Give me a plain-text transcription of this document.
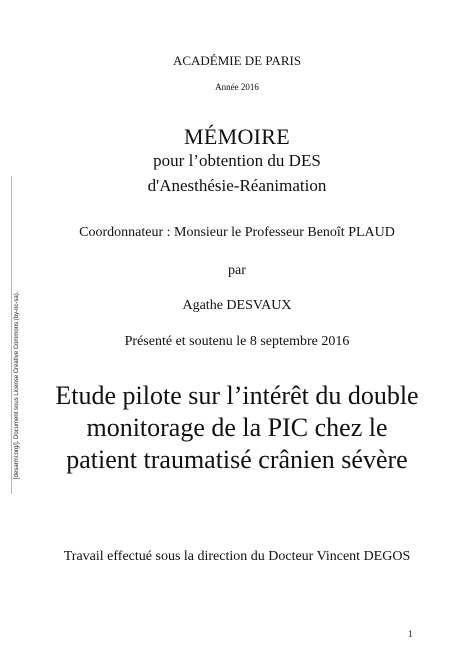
[desarmi.org/]. Document sous License Creative Commons (by-nc-sa).
ACADÉMIE DE PARIS
Année 2016
MÉMOIRE
pour l’obtention du DES
d'Anesthésie-Réanimation
Coordonnateur : Monsieur le Professeur Benoît PLAUD
par
Agathe DESVAUX
Présenté et soutenu le 8 septembre 2016
Etude pilote sur l’intérêt du double
monitorage de la PIC chez le
patient traumatisé crânien sévère
Travail effectué sous la direction du Docteur Vincent DEGOS
1
